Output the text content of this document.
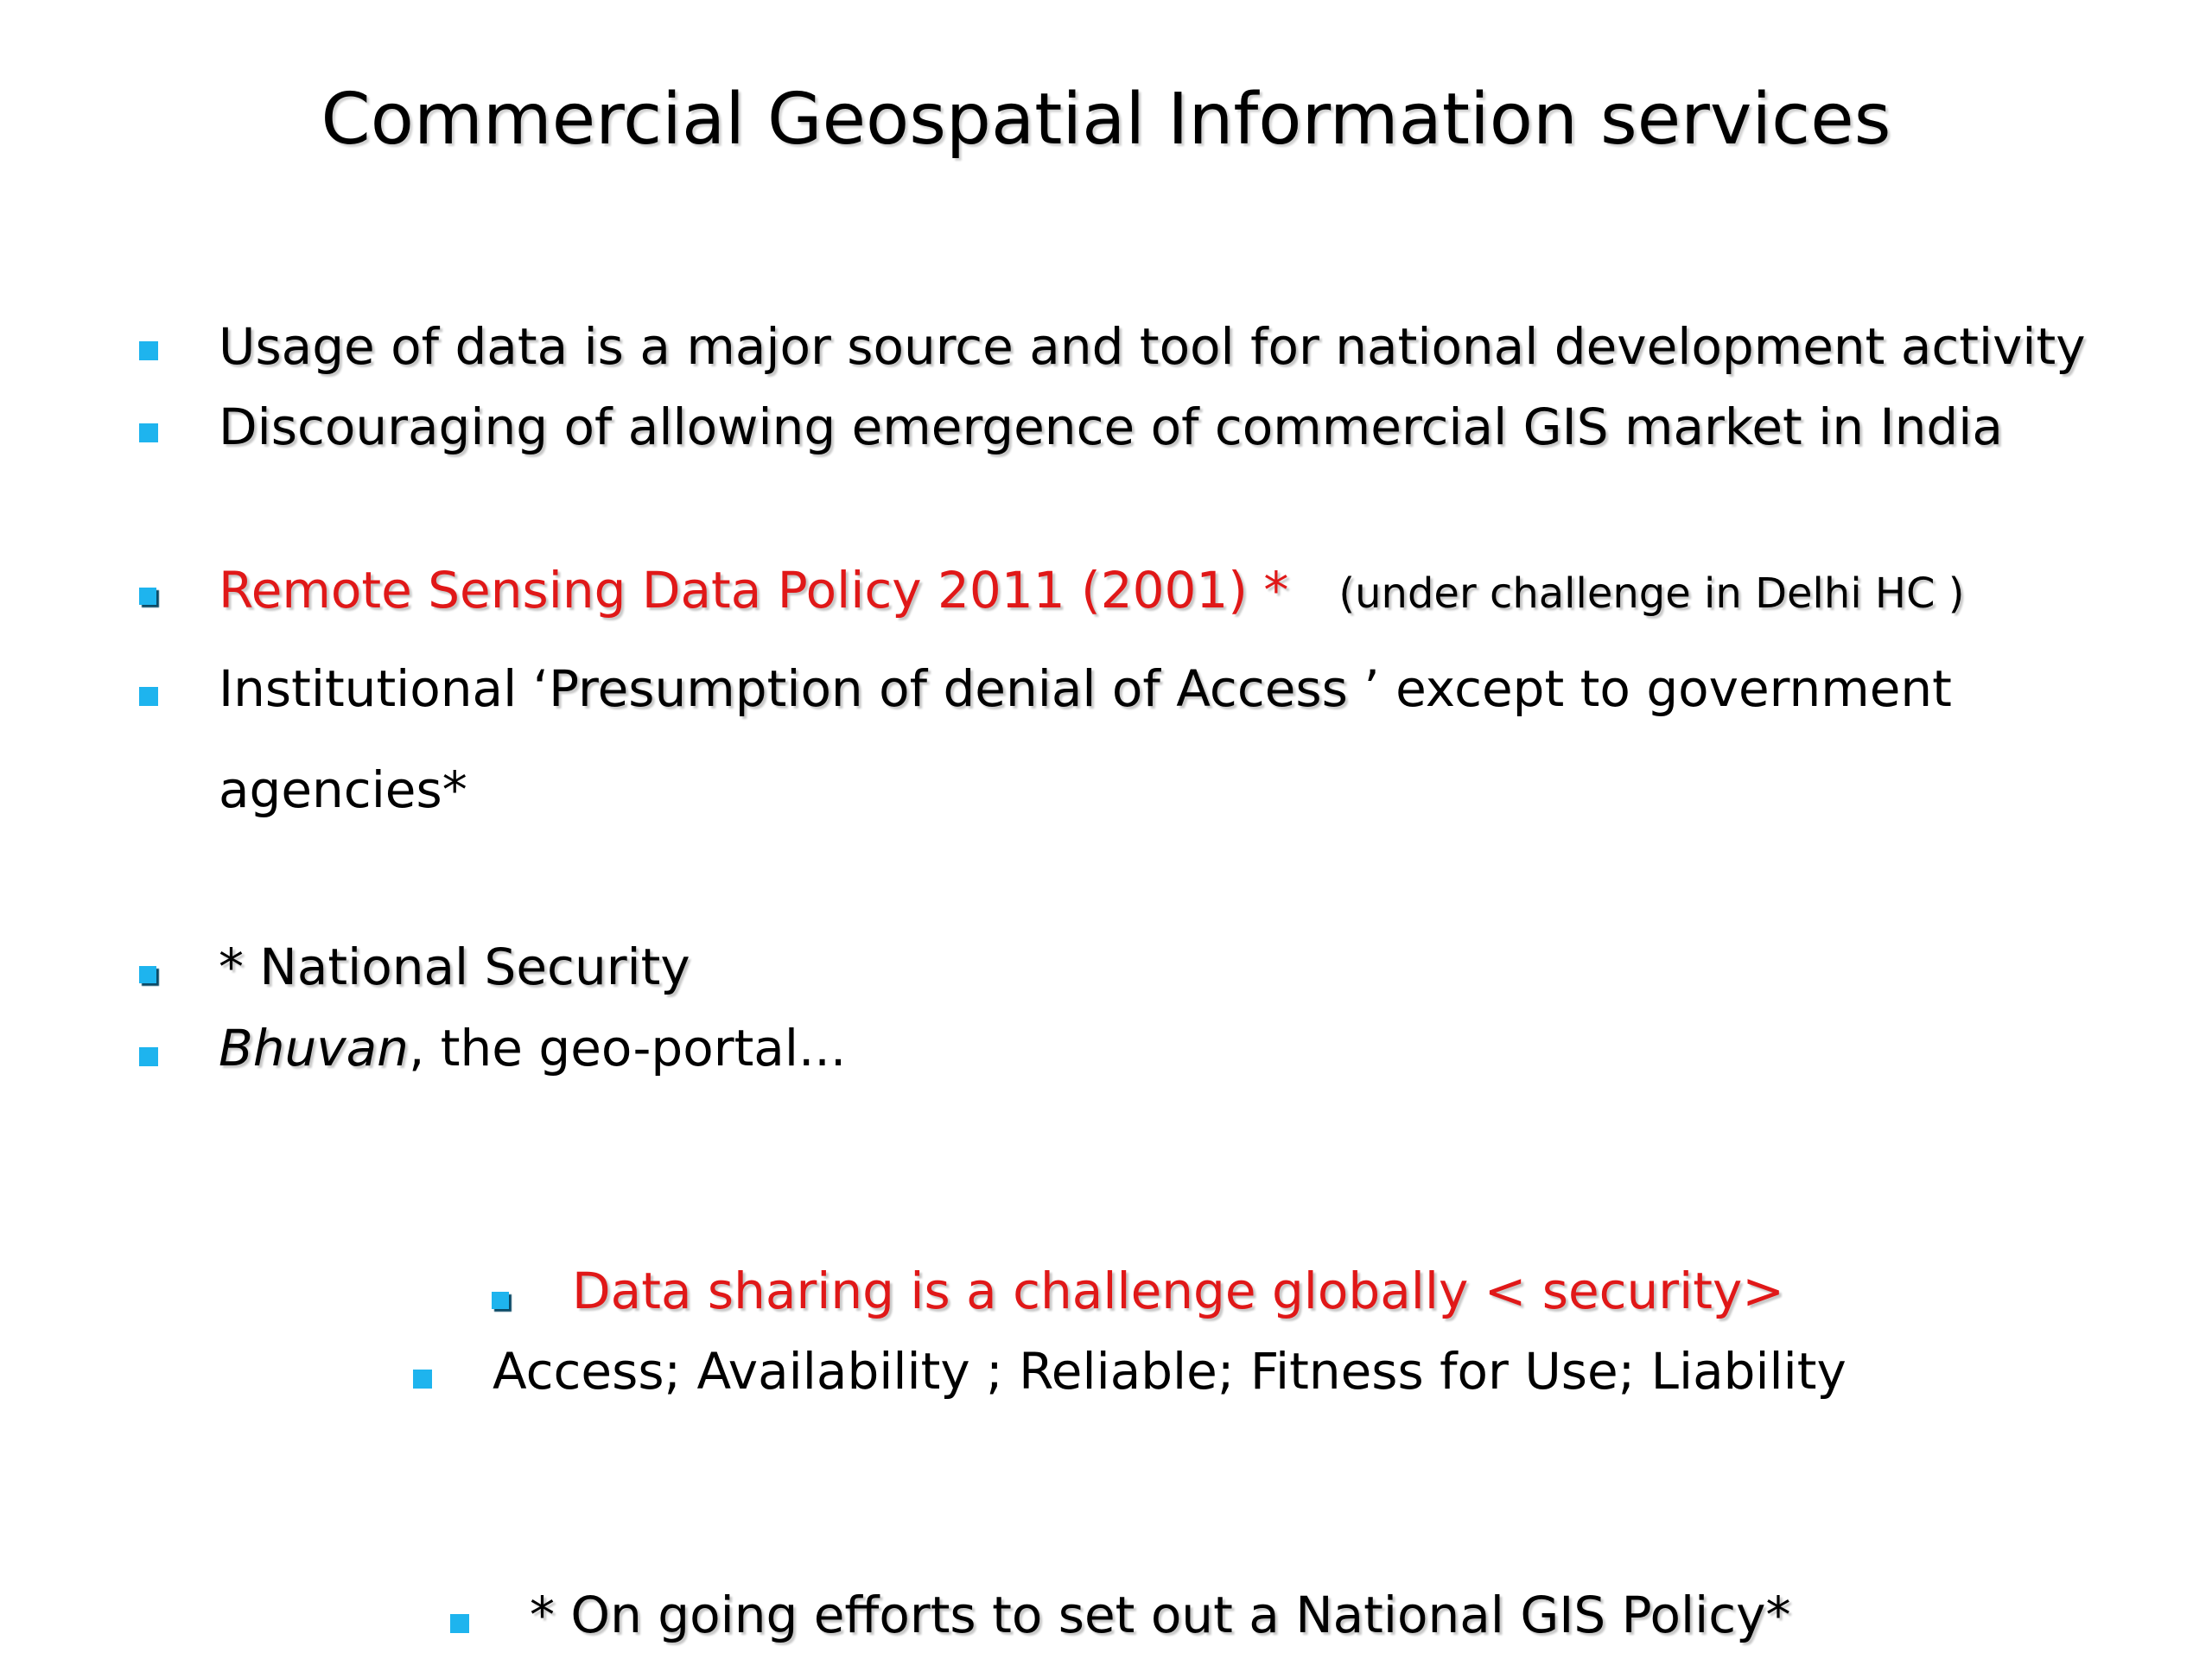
Commercial Geospatial Information services
Usage of data is a major source and tool for national development activity
Discouraging of allowing emergence of commercial GIS market in India
Remote Sensing Data Policy 2011 (2001) * (under challenge in Delhi HC )
Institutional ‘Presumption of denial of Access ’ except to government
agencies*
* National Security
Bhuvan, the geo-portal...
Data sharing is a challenge globally < security>
Access; Availability ; Reliable; Fitness for Use; Liability
* On going efforts to set out a National GIS Policy*
